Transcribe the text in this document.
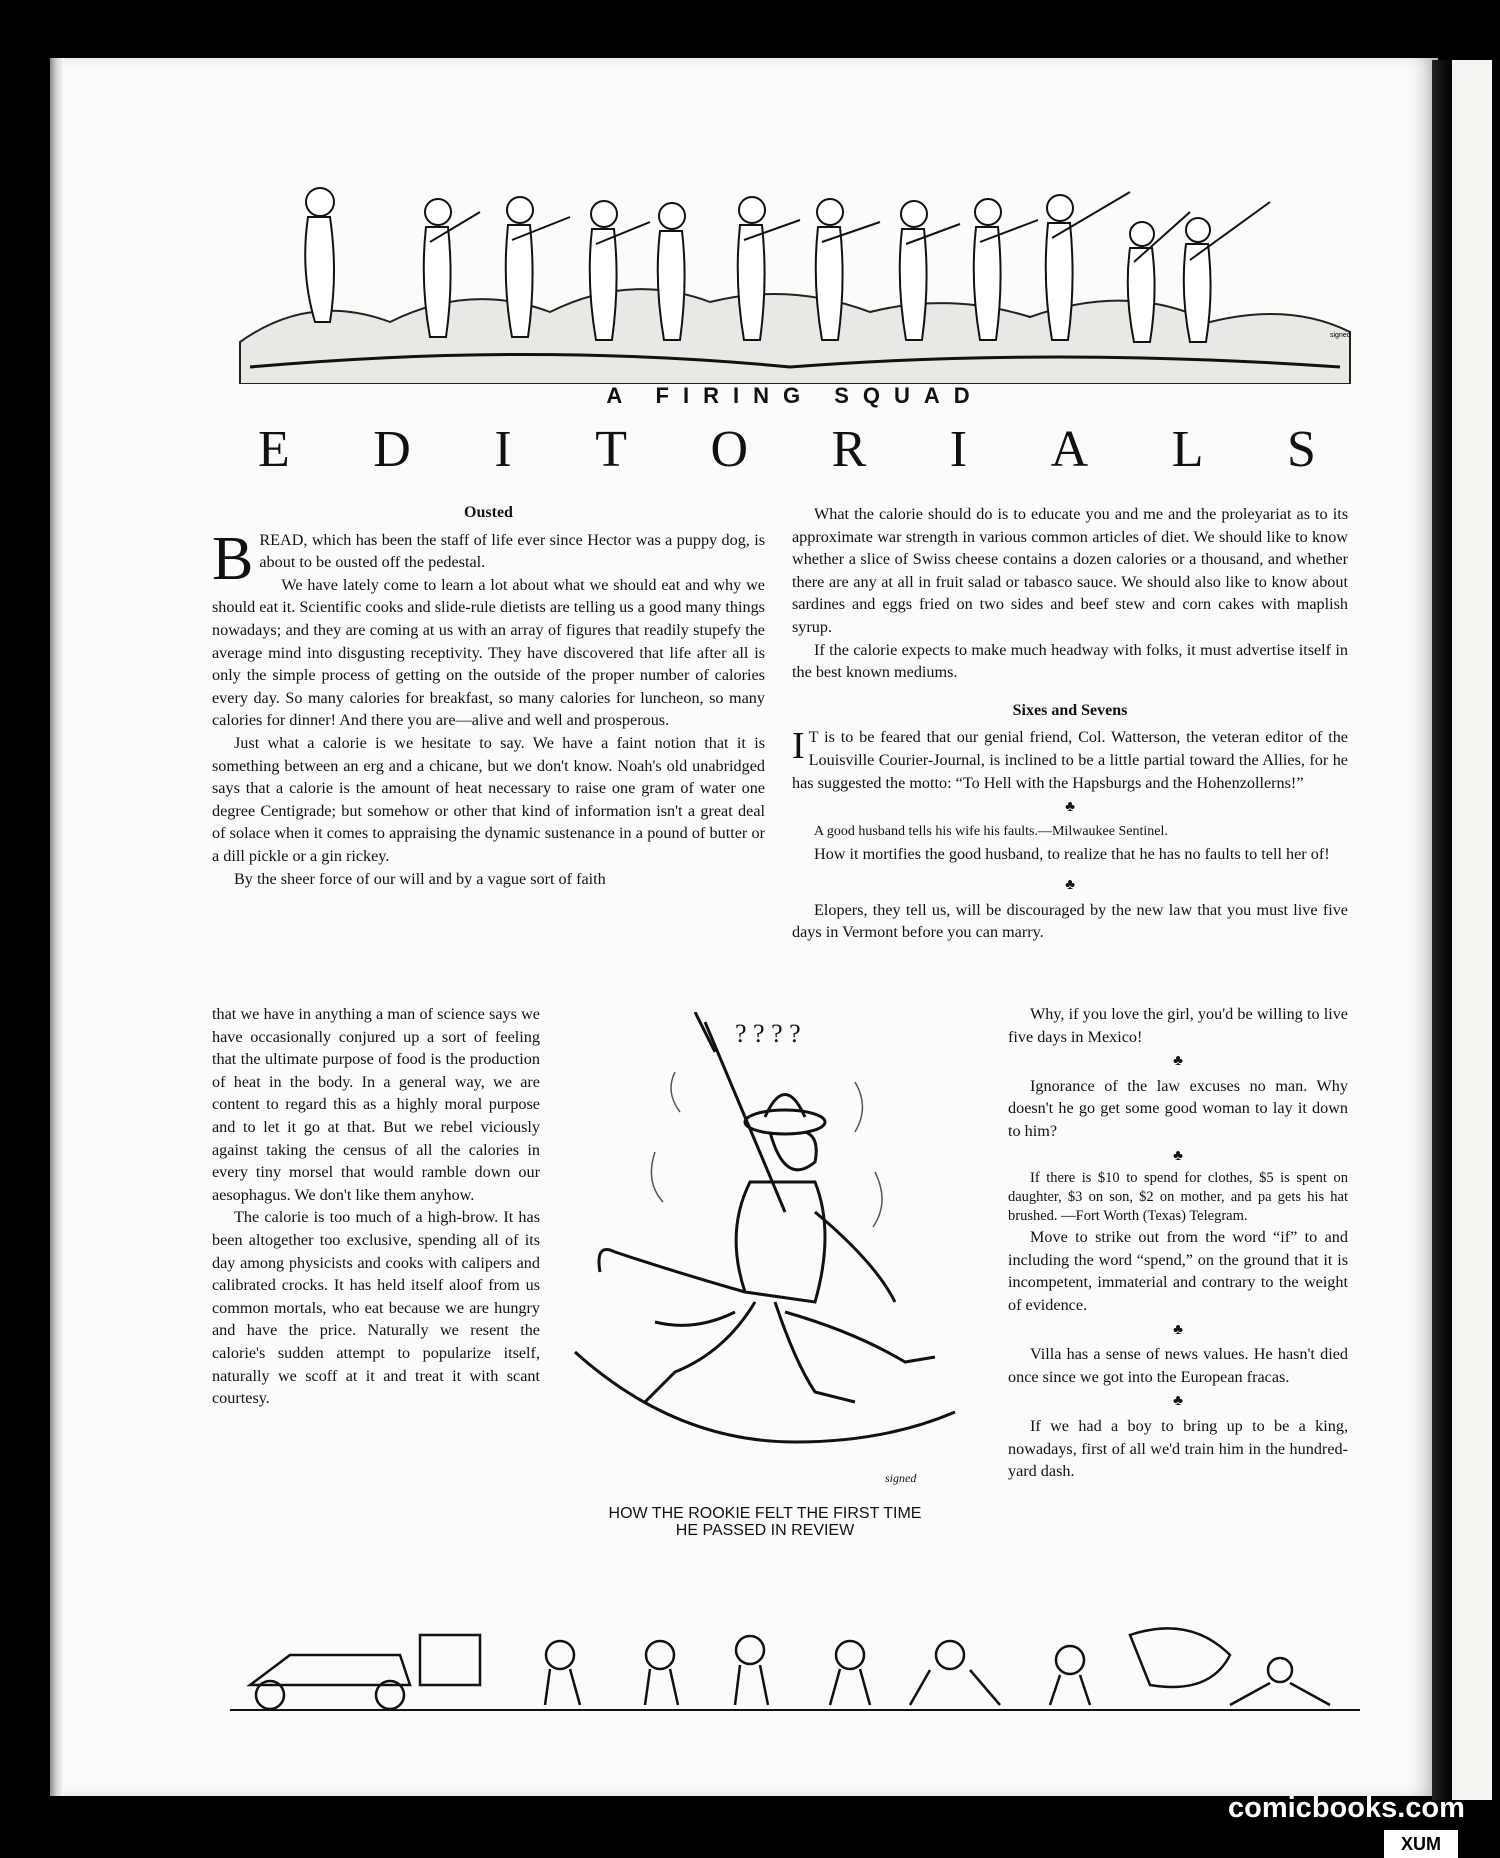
signed
A FIRING SQUAD
E D I T O R I A L S
Ousted

BREAD, which has been the staff of life ever since Hector was a puppy dog, is about to be ousted off the pedestal.

We have lately come to learn a lot about what we should eat and why we should eat it. Scientific cooks and slide-rule dietists are telling us a good many things nowadays; and they are coming at us with an array of figures that readily stupefy the average mind into disgusting receptivity. They have discovered that life after all is only the simple process of getting on the outside of the proper number of calories every day. So many calories for breakfast, so many calories for luncheon, so many calories for dinner! And there you are—alive and well and prosperous.

Just what a calorie is we hesitate to say. We have a faint notion that it is something between an erg and a chicane, but we don't know. Noah's old unabridged says that a calorie is the amount of heat necessary to raise one gram of water one degree Centigrade; but somehow or other that kind of information isn't a great deal of solace when it comes to appraising the dynamic sustenance in a pound of butter or a dill pickle or a gin rickey.

By the sheer force of our will and by a vague sort of faith

that we have in anything a man of science says we have occasionally conjured up a sort of feeling that the ultimate purpose of food is the production of heat in the body. In a general way, we are content to regard this as a highly moral purpose and to let it go at that. But we rebel viciously against taking the census of all the calories in every tiny morsel that would ramble down our aesophagus. We don't like them anyhow.

The calorie is too much of a high-brow. It has been altogether too exclusive, spending all of its day among physicists and cooks with calipers and calibrated crocks. It has held itself aloof from us common mortals, who eat because we are hungry and have the price. Naturally we resent the calorie's sudden attempt to popularize itself, naturally we scoff at it and treat it with scant courtesy.

What the calorie should do is to educate you and me and the proleyariat as to its approximate war strength in various common articles of diet. We should like to know whether a slice of Swiss cheese contains a dozen calories or a thousand, and whether there are any at all in fruit salad or tabasco sauce. We should also like to know about sardines and eggs fried on two sides and beef stew and corn cakes with maplish syrup.

If the calorie expects to make much headway with folks, it must advertise itself in the best known mediums.

Sixes and Sevens

I T is to be feared that our genial friend, Col. Watterson, the veteran editor of the Louisville Courier-Journal, is inclined to be a little partial toward the Allies, for he has suggested the motto: “To Hell with the Hapsburgs and the Hohenzollerns!”

♣

A good husband tells his wife his faults.—Milwaukee Sentinel.

How it mortifies the good husband, to realize that he has no faults to tell her of!

♣

Elopers, they tell us, will be discouraged by the new law that you must live five days in Vermont before you can marry.

Why, if you love the girl, you'd be willing to live five days in Mexico!

♣

Ignorance of the law excuses no man. Why doesn't he go get some good woman to lay it down to him?

♣

If there is $10 to spend for clothes, $5 is spent on daughter, $3 on son, $2 on mother, and pa gets his hat brushed. —Fort Worth (Texas) Telegram.

Move to strike out from the word “if” to and including the word “spend,” on the ground that it is incompetent, immaterial and contrary to the weight of evidence.

♣

Villa has a sense of news values. He hasn't died once since we got into the European fracas.

♣

If we had a boy to bring up to be a king, nowadays, first of all we'd train him in the hundred-yard dash.

? ? ? ?
signed
HOW THE ROOKIE FELT THE FIRST TIME
HE PASSED IN REVIEW
comicbooks.com
XUM
